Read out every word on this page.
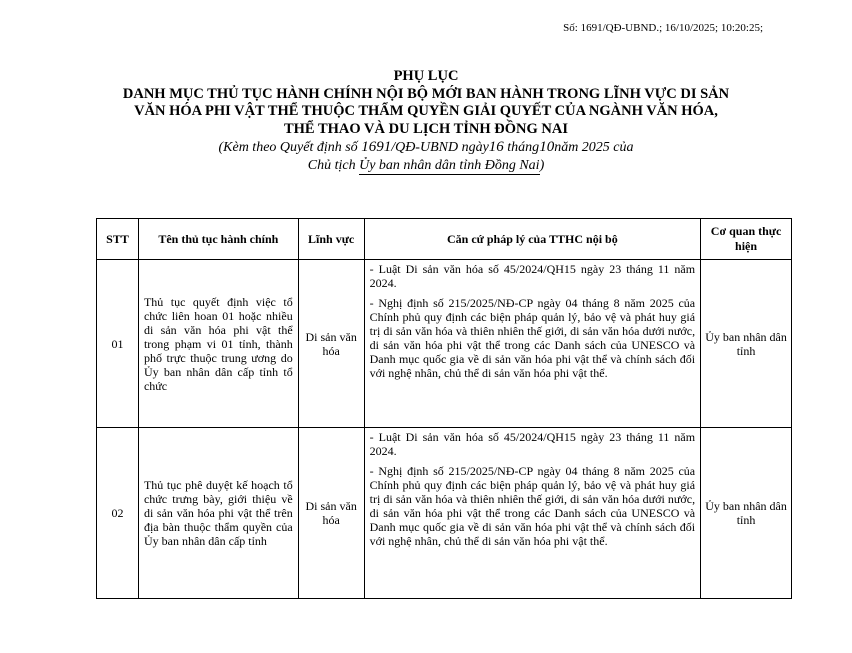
Số: 1691/QĐ-UBND.; 16/10/2025; 10:20:25;
PHỤ LỤC
DANH MỤC THỦ TỤC HÀNH CHÍNH NỘI BỘ MỚI BAN HÀNH TRONG LĨNH VỰC DI SẢN
VĂN HÓA PHI VẬT THỂ THUỘC THẨM QUYỀN GIẢI QUYẾT CỦA NGÀNH VĂN HÓA,
THỂ THAO VÀ DU LỊCH TỈNH ĐỒNG NAI
(Kèm theo Quyết định số 1691/QĐ-UBND ngày16 tháng10năm 2025 của
Chủ tịch Ủy ban nhân dân tỉnh Đồng Nai)
STT	Tên thủ tục hành chính	Lĩnh vực	Căn cứ pháp lý của TTHC nội bộ	Cơ quan thực hiện
01	Thủ tục quyết định việc tổ chức liên hoan 01 hoặc nhiều di sản văn hóa phi vật thể trong phạm vi 01 tỉnh, thành phố trực thuộc trung ương do Ủy ban nhân dân cấp tỉnh tổ chức	Di sản văn hóa	- Luật Di sản văn hóa số 45/2024/QH15 ngày 23 tháng 11 năm 2024.

- Nghị định số 215/2025/NĐ-CP ngày 04 tháng 8 năm 2025 của Chính phủ quy định các biện pháp quản lý, bảo vệ và phát huy giá trị di sản văn hóa và thiên nhiên thế giới, di sản văn hóa dưới nước, di sản văn hóa phi vật thể trong các Danh sách của UNESCO và Danh mục quốc gia về di sản văn hóa phi vật thể và chính sách đối với nghệ nhân, chủ thể di sản văn hóa phi vật thể.	Ủy ban nhân dân tỉnh
02	Thủ tục phê duyệt kế hoạch tổ chức trưng bày, giới thiệu về di sản văn hóa phi vật thể trên địa bàn thuộc thẩm quyền của Ủy ban nhân dân cấp tỉnh	Di sản văn hóa	- Luật Di sản văn hóa số 45/2024/QH15 ngày 23 tháng 11 năm 2024.

- Nghị định số 215/2025/NĐ-CP ngày 04 tháng 8 năm 2025 của Chính phủ quy định các biện pháp quản lý, bảo vệ và phát huy giá trị di sản văn hóa và thiên nhiên thế giới, di sản văn hóa dưới nước, di sản văn hóa phi vật thể trong các Danh sách của UNESCO và Danh mục quốc gia về di sản văn hóa phi vật thể và chính sách đối với nghệ nhân, chủ thể di sản văn hóa phi vật thể.	Ủy ban nhân dân tỉnh
